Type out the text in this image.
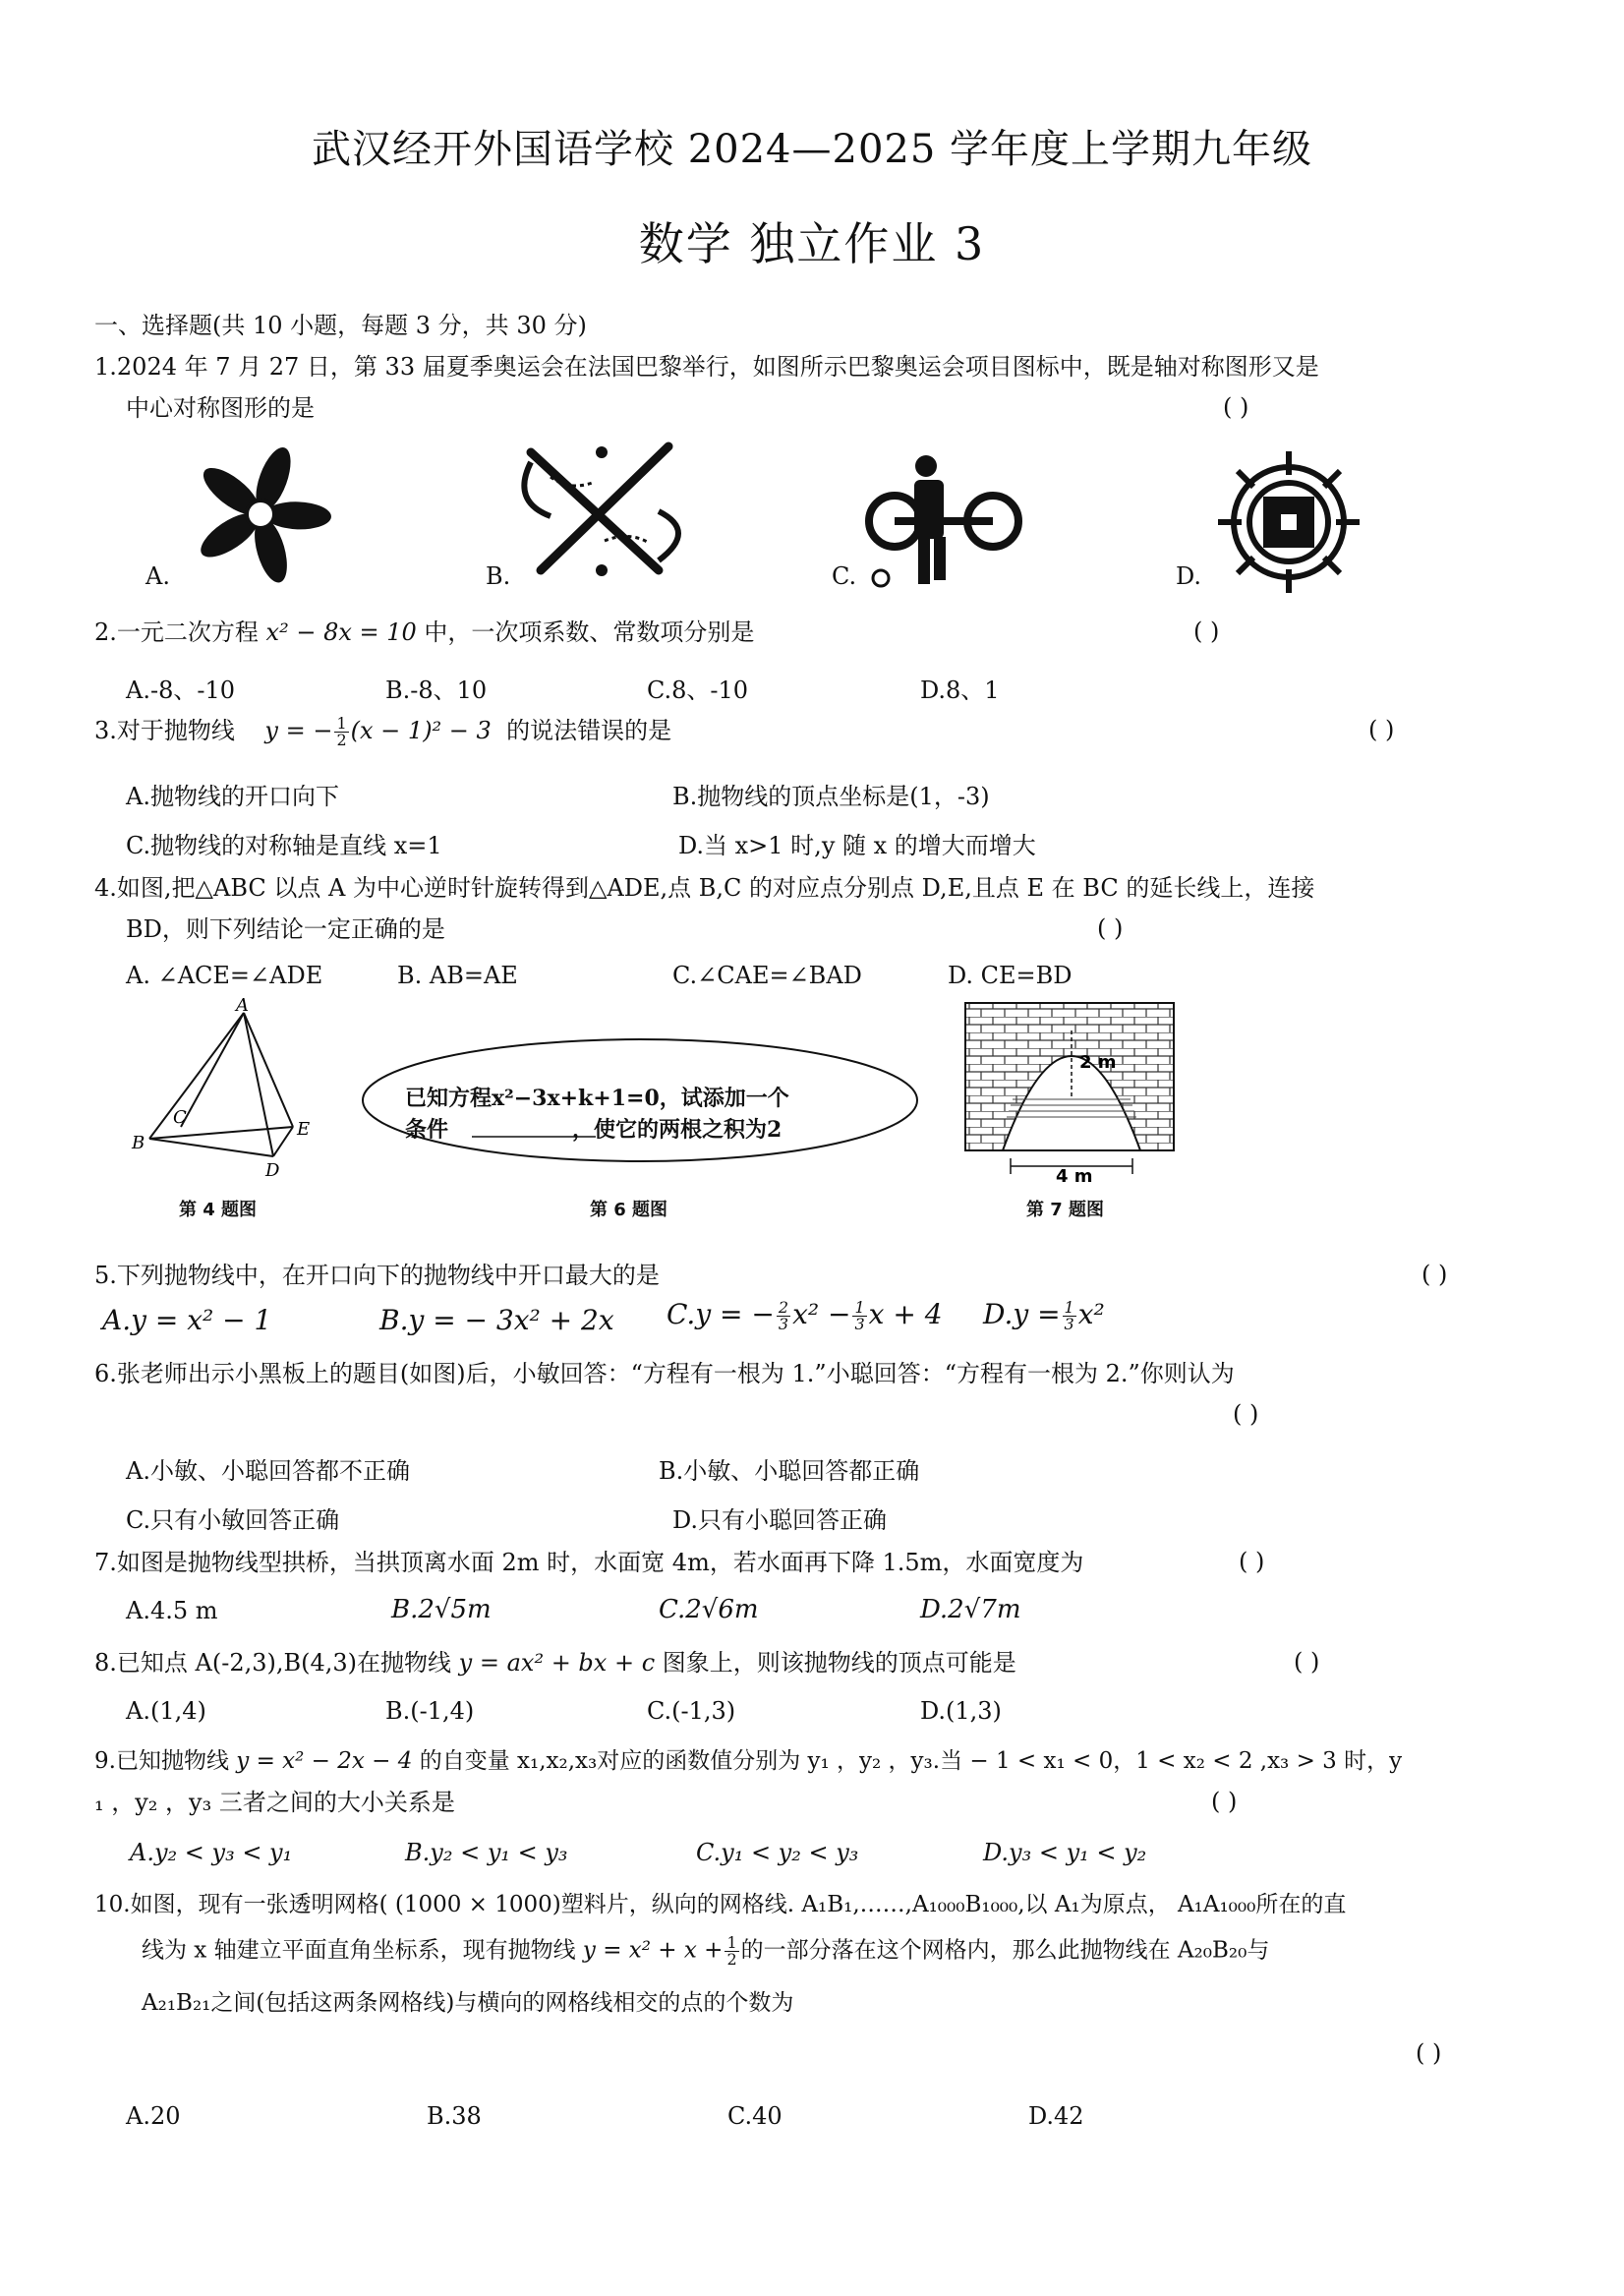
武汉经开外国语学校 2024—2025 学年度上学期九年级
数学 独立作业 3
一、选择题(共 10 小题，每题 3 分，共 30 分)
1.2024 年 7 月 27 日，第 33 届夏季奥运会在法国巴黎举行，如图所示巴黎奥运会项目图标中，既是轴对称图形又是
中心对称图形的是	( )
A.	B.	C.	D.
2.一元二次方程 x² − 8x = 10 中，一次项系数、常数项分别是	( )
A.-8、-10	B.-8、10	C.8、-10	D.8、1
3.对于抛物线 y = − $\frac{1}{2} (x - 1)^2 - 3$ 的说法错误的是	( )
A.抛物线的开口向下	B.抛物线的顶点坐标是(1，-3)
C.抛物线的对称轴是直线 x=1	D.当 x>1 时,y 随 x 的增大而增大
4.如图,把△ABC 以点 A 为中心逆时针旋转得到△ADE,点 B,C 的对应点分别点 D,E,且点 E 在 BC 的延长线上，连接
BD，则下列结论一定正确的是	( )
A. ∠ACE=∠ADE	B. AB=AE	C.∠CAE=∠BAD	D. CE=BD
A
B
C
D
E
第 4 题图
已知方程x²−3x+k+1=0，试添加一个
条件	，使它的两根之积为2
第 6 题图
2 m
4 m
第 7 题图
5.下列抛物线中，在开口向下的抛物线中开口最大的是	( )
A.y = x² − 1	B.y = − 3x² + 2x C.y = − $\frac{2}{3} x^2 - \frac{1}{3}$ x + 4 $D.y = \frac{1}{3} x^2$
6.张老师出示小黑板上的题目(如图)后，小敏回答：“方程有一根为 1.”小聪回答：“方程有一根为 2.”你则认为
( )
A.小敏、小聪回答都不正确	B.小敏、小聪回答都正确
C.只有小敏回答正确	D.只有小聪回答正确
7.如图是抛物线型拱桥，当拱顶离水面 2m 时，水面宽 4m，若水面再下降 1.5m，水面宽度为	( )
A.4.5 m	B.2√5m	C.2√6m	D.2√7m
8.已知点 A(-2,3),B(4,3)在抛物线 y = ax² + bx + c 图象上，则该抛物线的顶点可能是	( )
A.(1,4)	B.(-1,4)	C.(-1,3)	D.(1,3)
9.已知抛物线 y = x² − 2x − 4 的自变量 x₁,x₂,x₃对应的函数值分别为 y₁ ，y₂ ，y₃.当 − 1 < x₁ < 0，1 < x₂ < 2 ,x₃ > 3 时，y
₁ ，y₂ ，y₃ 三者之间的大小关系是	( )
A.y₂ < y₃ < y₁	B.y₂ < y₁ < y₃	C.y₁ < y₂ < y₃	D.y₃ < y₁ < y₂
10.如图，现有一张透明网格( (1000 × 1000)塑料片，纵向的网格线. A₁B₁,……,A₁₀₀₀B₁₀₀₀,以 A₁为原点， A₁A₁₀₀₀所在的直
线为 x 轴建立平面直角坐标系，现有抛物线 $y = x^2 + x + \frac{1}{2}$ 的一部分落在这个网格内，那么此抛物线在 A₂₀B₂₀与
A₂₁B₂₁之间(包括这两条网格线)与横向的网格线相交的点的个数为
( )
A.20	B.38	C.40	D.42
